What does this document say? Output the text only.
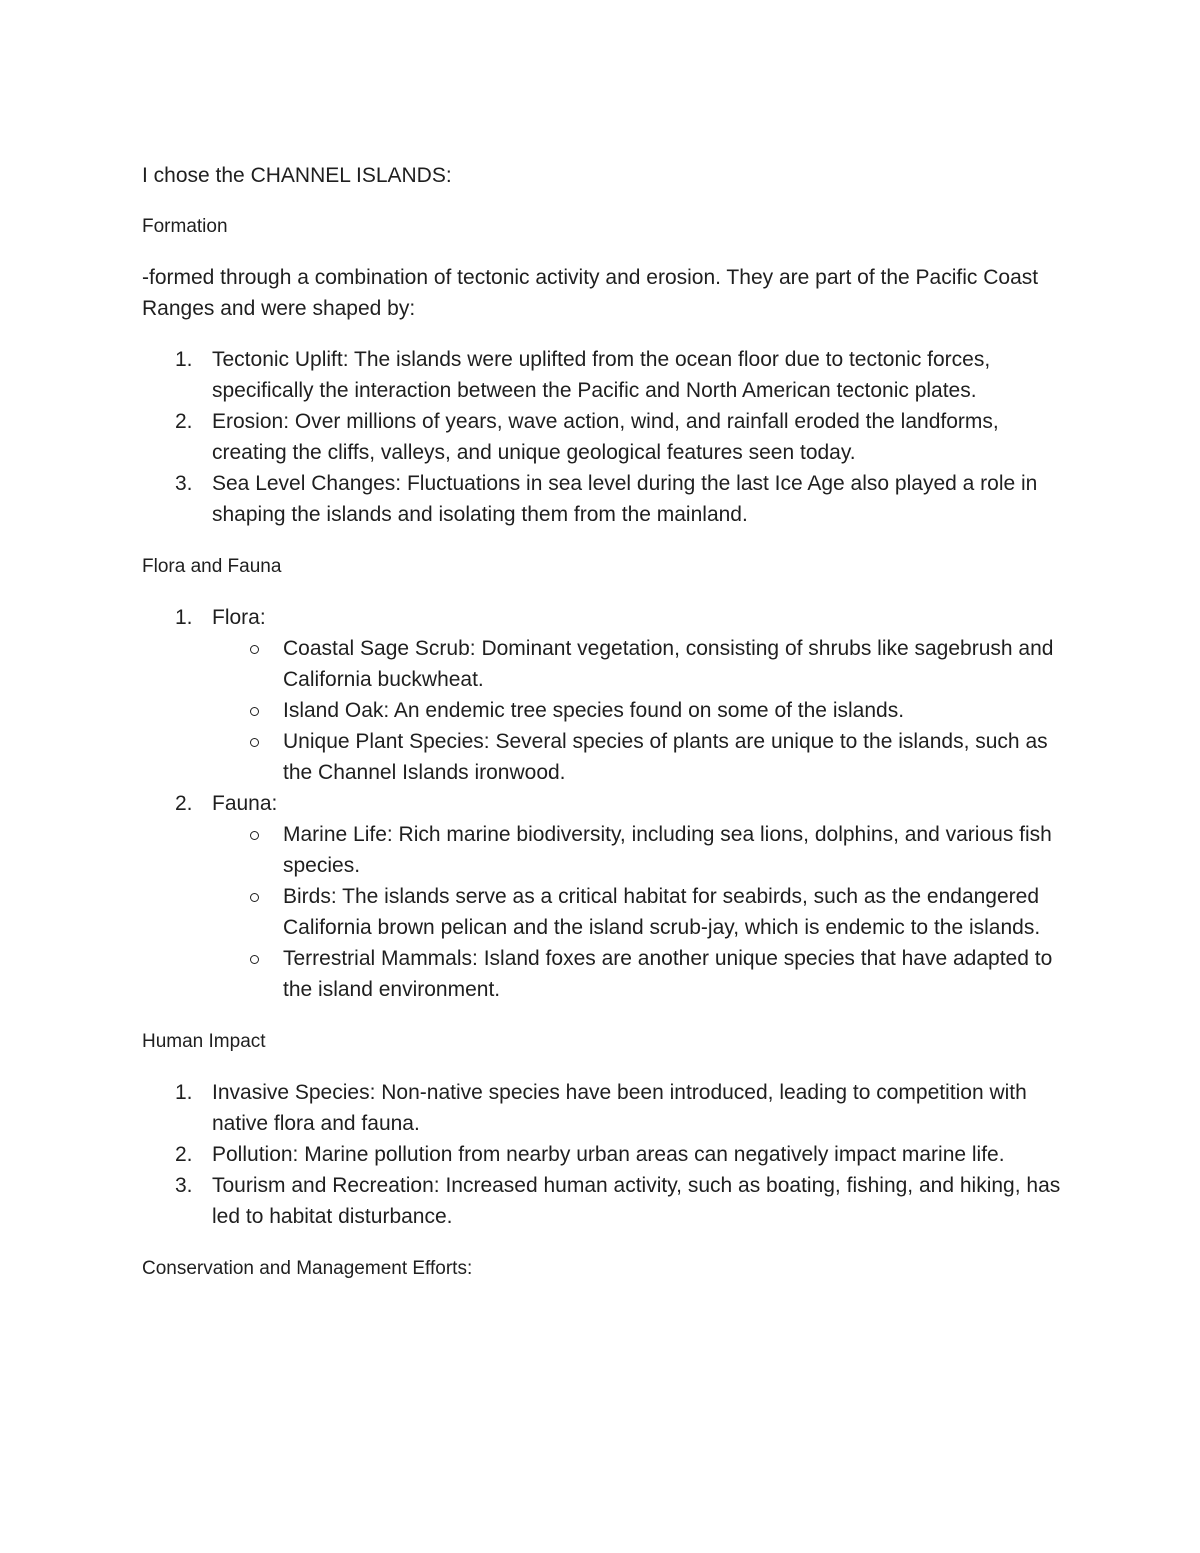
I chose the CHANNEL ISLANDS:
Formation
-formed through a combination of tectonic activity and erosion. They are part of the Pacific Coast Ranges and were shaped by:
1. Tectonic Uplift: The islands were uplifted from the ocean floor due to tectonic forces, specifically the interaction between the Pacific and North American tectonic plates.
2. Erosion: Over millions of years, wave action, wind, and rainfall eroded the landforms, creating the cliffs, valleys, and unique geological features seen today.
3. Sea Level Changes: Fluctuations in sea level during the last Ice Age also played a role in shaping the islands and isolating them from the mainland.
Flora and Fauna
1. Flora:
Coastal Sage Scrub: Dominant vegetation, consisting of shrubs like sagebrush and California buckwheat.
Island Oak: An endemic tree species found on some of the islands.
Unique Plant Species: Several species of plants are unique to the islands, such as the Channel Islands ironwood.
2. Fauna:
Marine Life: Rich marine biodiversity, including sea lions, dolphins, and various fish species.
Birds: The islands serve as a critical habitat for seabirds, such as the endangered California brown pelican and the island scrub-jay, which is endemic to the islands.
Terrestrial Mammals: Island foxes are another unique species that have adapted to the island environment.
Human Impact
1. Invasive Species: Non-native species have been introduced, leading to competition with native flora and fauna.
2. Pollution: Marine pollution from nearby urban areas can negatively impact marine life.
3. Tourism and Recreation: Increased human activity, such as boating, fishing, and hiking, has led to habitat disturbance.
Conservation and Management Efforts:
